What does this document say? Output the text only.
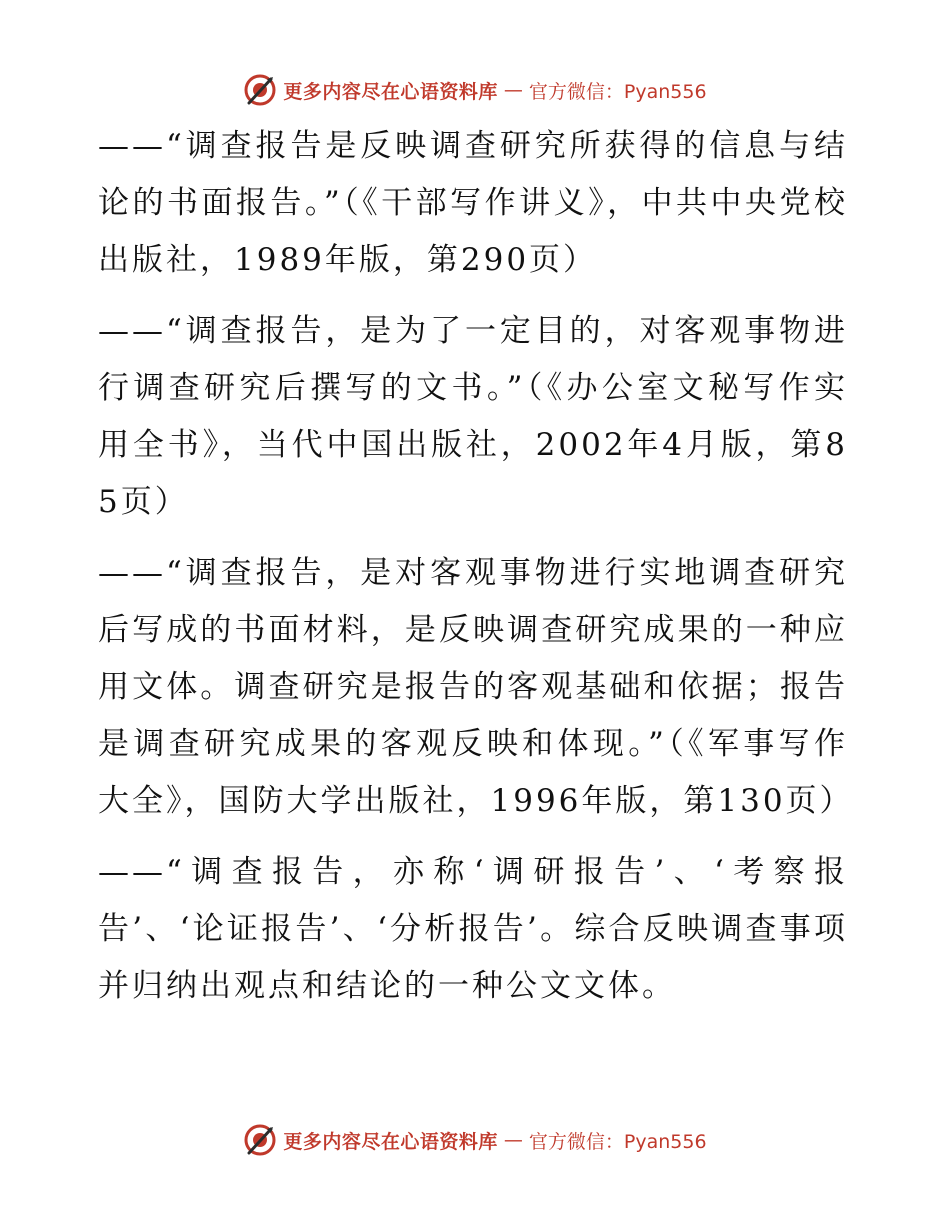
更多内容尽在心语资料库 — 官方微信：Pyan556

——“调查报告是反映调查研究所获得的信息与结论的书面报告。”（《干部写作讲义》，中共中央党校出版社，1989年版，第290页）

——“调查报告，是为了一定目的，对客观事物进行调查研究后撰写的文书。”（《办公室文秘写作实用全书》，当代中国出版社，2002年4月版，第85页）

——“调查报告，是对客观事物进行实地调查研究后写成的书面材料，是反映调查研究成果的一种应用文体。调查研究是报告的客观基础和依据；报告是调查研究成果的客观反映和体现。”（《军事写作大全》，国防大学出版社，1996年版，第130页）

——“调查报告，亦称‘调研报告’、‘考察报告’、‘论证报告’、‘分析报告’。综合反映调查事项并归纳出观点和结论的一种公文文体。

更多内容尽在心语资料库 — 官方微信：Pyan556
